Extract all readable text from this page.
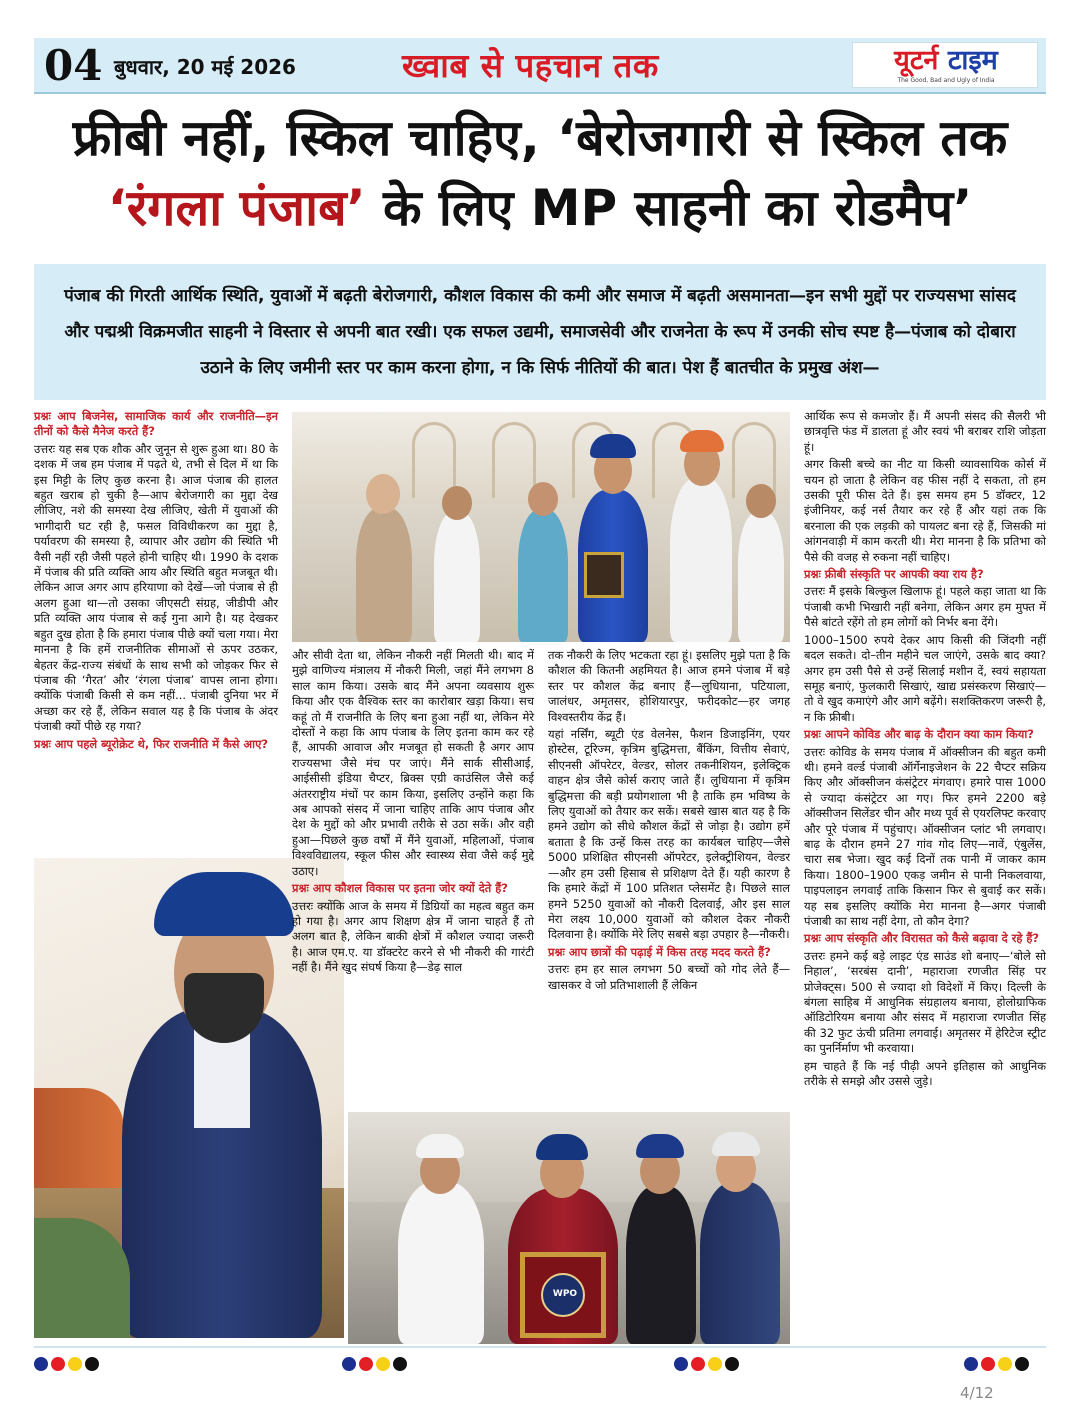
04 बुधवार, 20 मई 2026	ख्वाब से पहचान तक	यूटर्न टाइम
The Good, Bad and Ugly of India
फ्रीबी नहीं, स्किल चाहिए, ‘बेरोजगारी से स्किल तक
‘रंगला पंजाब’ के लिए MP साहनी का रोडमैप’
पंजाब की गिरती आर्थिक स्थिति, युवाओं में बढ़ती बेरोजगारी, कौशल विकास की कमी और समाज में बढ़ती असमानता—इन सभी मुद्दों पर राज्यसभा सांसद और पद्मश्री विक्रमजीत साहनी ने विस्तार से अपनी बात रखी। एक सफल उद्यमी, समाजसेवी और राजनेता के रूप में उनकी सोच स्पष्ट है—पंजाब को दोबारा उठाने के लिए जमीनी स्तर पर काम करना होगा, न कि सिर्फ नीतियों की बात। पेश हैं बातचीत के प्रमुख अंश—

प्रश्नः आप बिजनेस, सामाजिक कार्य और राजनीति—इन तीनों को कैसे मैनेज करते हैं?

उत्तरः यह सब एक शौक और जुनून से शुरू हुआ था। 80 के दशक में जब हम पंजाब में पढ़ते थे, तभी से दिल में था कि इस मिट्टी के लिए कुछ करना है। आज पंजाब की हालत बहुत खराब हो चुकी है—आप बेरोजगारी का मुद्दा देख लीजिए, नशे की समस्या देख लीजिए, खेती में युवाओं की भागीदारी घट रही है, फसल विविधीकरण का मुद्दा है, पर्यावरण की समस्या है, व्यापार और उद्योग की स्थिति भी वैसी नहीं रही जैसी पहले होनी चाहिए थी। 1990 के दशक में पंजाब की प्रति व्यक्ति आय और स्थिति बहुत मजबूत थी। लेकिन आज अगर आप हरियाणा को देखें—जो पंजाब से ही अलग हुआ था—तो उसका जीएसटी संग्रह, जीडीपी और प्रति व्यक्ति आय पंजाब से कई गुना आगे है। यह देखकर बहुत दुख होता है कि हमारा पंजाब पीछे क्यों चला गया। मेरा मानना है कि हमें राजनीतिक सीमाओं से ऊपर उठकर, बेहतर केंद्र-राज्य संबंधों के साथ सभी को जोड़कर फिर से पंजाब की ‘गैरत’ और ‘रंगला पंजाब’ वापस लाना होगा। क्योंकि पंजाबी किसी से कम नहीं... पंजाबी दुनिया भर में अच्छा कर रहे हैं, लेकिन सवाल यह है कि पंजाब के अंदर पंजाबी क्यों पीछे रह गया?

प्रश्नः आप पहले ब्यूरोक्रेट थे, फिर राजनीति में कैसे आए?

और सीवी देता था, लेकिन नौकरी नहीं मिलती थी। बाद में मुझे वाणिज्य मंत्रालय में नौकरी मिली, जहां मैंने लगभग 8 साल काम किया। उसके बाद मैंने अपना व्यवसाय शुरू किया और एक वैश्विक स्तर का कारोबार खड़ा किया। सच कहूं तो मैं राजनीति के लिए बना हुआ नहीं था, लेकिन मेरे दोस्तों ने कहा कि आप पंजाब के लिए इतना काम कर रहे हैं, आपकी आवाज और मजबूत हो सकती है अगर आप राज्यसभा जैसे मंच पर जाएं। मैंने सार्क सीसीआई, आईसीसी इंडिया चैप्टर, ब्रिक्स एग्री काउंसिल जैसे कई अंतरराष्ट्रीय मंचों पर काम किया, इसलिए उन्होंने कहा कि अब आपको संसद में जाना चाहिए ताकि आप पंजाब और देश के मुद्दों को और प्रभावी तरीके से उठा सकें। और वही हुआ—पिछले कुछ वर्षों में मैंने युवाओं, महिलाओं, पंजाब विश्वविद्यालय, स्कूल फीस और स्वास्थ्य सेवा जैसे कई मुद्दे उठाए।

प्रश्नः आप कौशल विकास पर इतना जोर क्यों देते हैं?

उत्तरः क्योंकि आज के समय में डिग्रियों का महत्व बहुत कम हो गया है। अगर आप शिक्षण क्षेत्र में जाना चाहते हैं तो अलग बात है, लेकिन बाकी क्षेत्रों में कौशल ज्यादा जरूरी है। आज एम.ए. या डॉक्टरेट करने से भी नौकरी की गारंटी नहीं है। मैंने खुद संघर्ष किया है—डेढ़ साल

तक नौकरी के लिए भटकता रहा हूं। इसलिए मुझे पता है कि कौशल की कितनी अहमियत है। आज हमने पंजाब में बड़े स्तर पर कौशल केंद्र बनाए हैं—लुधियाना, पटियाला, जालंधर, अमृतसर, होशियारपुर, फरीदकोट—हर जगह विश्वस्तरीय केंद्र हैं।

यहां नर्सिंग, ब्यूटी एंड वेलनेस, फैशन डिजाइनिंग, एयर होस्टेस, टूरिज्म, कृत्रिम बुद्धिमत्ता, बैंकिंग, वित्तीय सेवाएं, सीएनसी ऑपरेटर, वेल्डर, सोलर तकनीशियन, इलेक्ट्रिक वाहन क्षेत्र जैसे कोर्स कराए जाते हैं। लुधियाना में कृत्रिम बुद्धिमत्ता की बड़ी प्रयोगशाला भी है ताकि हम भविष्य के लिए युवाओं को तैयार कर सकें। सबसे खास बात यह है कि हमने उद्योग को सीधे कौशल केंद्रों से जोड़ा है। उद्योग हमें बताता है कि उन्हें किस तरह का कार्यबल चाहिए—जैसे 5000 प्रशिक्षित सीएनसी ऑपरेटर, इलेक्ट्रीशियन, वेल्डर—और हम उसी हिसाब से प्रशिक्षण देते हैं। यही कारण है कि हमारे केंद्रों में 100 प्रतिशत प्लेसमेंट है। पिछले साल हमने 5250 युवाओं को नौकरी दिलवाई, और इस साल मेरा लक्ष्य 10,000 युवाओं को कौशल देकर नौकरी दिलवाना है। क्योंकि मेरे लिए सबसे बड़ा उपहार है—नौकरी।

प्रश्नः आप छात्रों की पढ़ाई में किस तरह मदद करते हैं?

उत्तरः हम हर साल लगभग 50 बच्चों को गोद लेते हैं—खासकर वे जो प्रतिभाशाली हैं लेकिन

WPO

आर्थिक रूप से कमजोर हैं। मैं अपनी संसद की सैलरी भी छात्रवृत्ति फंड में डालता हूं और स्वयं भी बराबर राशि जोड़ता हूं।

अगर किसी बच्चे का नीट या किसी व्यावसायिक कोर्स में चयन हो जाता है लेकिन वह फीस नहीं दे सकता, तो हम उसकी पूरी फीस देते हैं। इस समय हम 5 डॉक्टर, 12 इंजीनियर, कई नर्स तैयार कर रहे हैं और यहां तक कि बरनाला की एक लड़की को पायलट बना रहे हैं, जिसकी मां आंगनवाड़ी में काम करती थी। मेरा मानना है कि प्रतिभा को पैसे की वजह से रुकना नहीं चाहिए।

प्रश्नः फ्रीबी संस्कृति पर आपकी क्या राय है?

उत्तरः मैं इसके बिल्कुल खिलाफ हूं। पहले कहा जाता था कि पंजाबी कभी भिखारी नहीं बनेगा, लेकिन अगर हम मुफ्त में पैसे बांटते रहेंगे तो हम लोगों को निर्भर बना देंगे।

1000–1500 रुपये देकर आप किसी की जिंदगी नहीं बदल सकते। दो–तीन महीने चल जाएंगे, उसके बाद क्या? अगर हम उसी पैसे से उन्हें सिलाई मशीन दें, स्वयं सहायता समूह बनाएं, फुलकारी सिखाएं, खाद्य प्रसंस्करण सिखाएं—तो वे खुद कमाएंगे और आगे बढ़ेंगे। सशक्तिकरण जरूरी है, न कि फ्रीबी।

प्रश्नः आपने कोविड और बाढ़ के दौरान क्या काम किया?

उत्तरः कोविड के समय पंजाब में ऑक्सीजन की बहुत कमी थी। हमने वर्ल्ड पंजाबी ऑर्गेनाइजेशन के 22 चैप्टर सक्रिय किए और ऑक्सीजन कंसंट्रेटर मंगवाए। हमारे पास 1000 से ज्यादा कंसंट्रेटर आ गए। फिर हमने 2200 बड़े ऑक्सीजन सिलेंडर चीन और मध्य पूर्व से एयरलिफ्ट करवाए और पूरे पंजाब में पहुंचाए। ऑक्सीजन प्लांट भी लगवाए। बाढ़ के दौरान हमने 27 गांव गोद लिए—नावें, एंबुलेंस, चारा सब भेजा। खुद कई दिनों तक पानी में जाकर काम किया। 1800–1900 एकड़ जमीन से पानी निकलवाया, पाइपलाइन लगवाई ताकि किसान फिर से बुवाई कर सकें। यह सब इसलिए क्योंकि मेरा मानना है—अगर पंजाबी पंजाबी का साथ नहीं देगा, तो कौन देगा?

प्रश्नः आप संस्कृति और विरासत को कैसे बढ़ावा दे रहे हैं?

उत्तरः हमने कई बड़े लाइट एंड साउंड शो बनाए—‘बोले सो निहाल’, ‘सरबंस दानी’, महाराजा रणजीत सिंह पर प्रोजेक्ट्स। 500 से ज्यादा शो विदेशों में किए। दिल्ली के बंगला साहिब में आधुनिक संग्रहालय बनाया, होलोग्राफिक ऑडिटोरियम बनाया और संसद में महाराजा रणजीत सिंह की 32 फुट ऊंची प्रतिमा लगवाई। अमृतसर में हेरिटेज स्ट्रीट का पुनर्निर्माण भी करवाया।

हम चाहते हैं कि नई पीढ़ी अपने इतिहास को आधुनिक तरीके से समझे और उससे जुड़े।

4/12
